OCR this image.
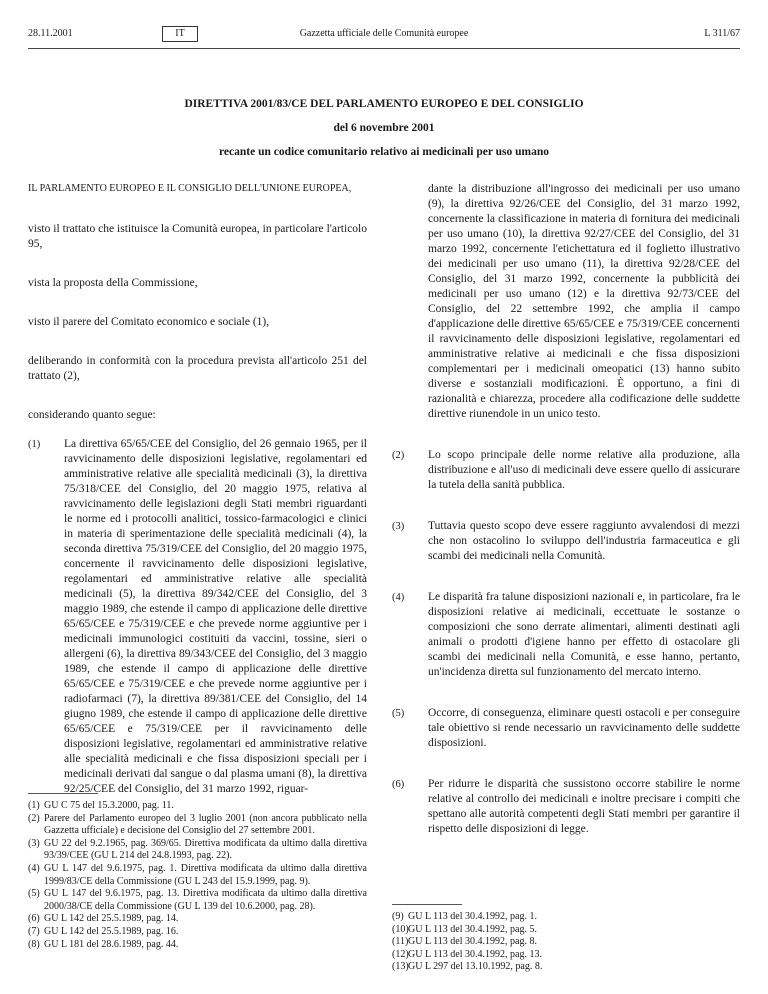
28.11.2001	IT	Gazzetta ufficiale delle Comunità europee	L 311/67
DIRETTIVA 2001/83/CE DEL PARLAMENTO EUROPEO E DEL CONSIGLIO
del 6 novembre 2001
recante un codice comunitario relativo ai medicinali per uso umano

IL PARLAMENTO EUROPEO E IL CONSIGLIO DELL'UNIONE EUROPEA,

visto il trattato che istituisce la Comunità europea, in particolare l'articolo 95,

vista la proposta della Commissione,

visto il parere del Comitato economico e sociale (1),

deliberando in conformità con la procedura prevista all'articolo 251 del trattato (2),

considerando quanto segue:

(1)	La direttiva 65/65/CEE del Consiglio, del 26 gennaio 1965, per il ravvicinamento delle disposizioni legislative, regolamentari ed amministrative relative alle specialità medicinali (3), la direttiva 75/318/CEE del Consiglio, del 20 maggio 1975, relativa al ravvicinamento delle legislazioni degli Stati membri riguardanti le norme ed i protocolli analitici, tossico-farmacologici e clinici in materia di sperimentazione delle specialità medicinali (4), la seconda direttiva 75/319/CEE del Consiglio, del 20 maggio 1975, concernente il ravvicinamento delle disposizioni legislative, regolamentari ed amministrative relative alle specialità medicinali (5), la direttiva 89/342/CEE del Consiglio, del 3 maggio 1989, che estende il campo di applicazione delle direttive 65/65/CEE e 75/319/CEE e che prevede norme aggiuntive per i medicinali immunologici costituiti da vaccini, tossine, sieri o allergeni (6), la direttiva 89/343/CEE del Consiglio, del 3 maggio 1989, che estende il campo di applicazione delle direttive 65/65/CEE e 75/319/CEE e che prevede norme aggiuntive per i radiofarmaci (7), la direttiva 89/381/CEE del Consiglio, del 14 giugno 1989, che estende il campo di applicazione delle direttive 65/65/CEE e 75/319/CEE per il ravvicinamento delle disposizioni legislative, regolamentari ed amministrative relative alle specialità medicinali e che fissa disposizioni speciali per i medicinali derivati dal sangue o dal plasma umani (8), la direttiva 92/25/CEE del Consiglio, del 31 marzo 1992, riguar-
(1) GU C 75 del 15.3.2000, pag. 11.
(2) Parere del Parlamento europeo del 3 luglio 2001 (non ancora pubblicato nella Gazzetta ufficiale) e decisione del Consiglio del 27 settembre 2001.
(3) GU 22 del 9.2.1965, pag. 369/65. Direttiva modificata da ultimo dalla direttiva 93/39/CEE (GU L 214 del 24.8.1993, pag. 22).
(4) GU L 147 del 9.6.1975, pag. 1. Direttiva modificata da ultimo dalla direttiva 1999/83/CE della Commissione (GU L 243 del 15.9.1999, pag. 9).
(5) GU L 147 del 9.6.1975, pag. 13. Direttiva modificata da ultimo dalla direttiva 2000/38/CE della Commissione (GU L 139 del 10.6.2000, pag. 28).
(6) GU L 142 del 25.5.1989, pag. 14.
(7) GU L 142 del 25.5.1989, pag. 16.
(8) GU L 181 del 28.6.1989, pag. 44.
dante la distribuzione all'ingrosso dei medicinali per uso umano (9), la direttiva 92/26/CEE del Consiglio, del 31 marzo 1992, concernente la classificazione in materia di fornitura dei medicinali per uso umano (10), la direttiva 92/27/CEE del Consiglio, del 31 marzo 1992, concernente l'etichettatura ed il foglietto illustrativo dei medicinali per uso umano (11), la direttiva 92/28/CEE del Consiglio, del 31 marzo 1992, concernente la pubblicità dei medicinali per uso umano (12) e la direttiva 92/73/CEE del Consiglio, del 22 settembre 1992, che amplia il campo d'applicazione delle direttive 65/65/CEE e 75/319/CEE concernenti il ravvicinamento delle disposizioni legislative, regolamentari ed amministrative relative ai medicinali e che fissa disposizioni complementari per i medicinali omeopatici (13) hanno subito diverse e sostanziali modificazioni. È opportuno, a fini di razionalità e chiarezza, procedere alla codificazione delle suddette direttive riunendole in un unico testo.
(2)	Lo scopo principale delle norme relative alla produzione, alla distribuzione e all'uso di medicinali deve essere quello di assicurare la tutela della sanità pubblica.
(3)	Tuttavia questo scopo deve essere raggiunto avvalendosi di mezzi che non ostacolino lo sviluppo dell'industria farmaceutica e gli scambi dei medicinali nella Comunità.
(4)	Le disparità fra talune disposizioni nazionali e, in particolare, fra le disposizioni relative ai medicinali, eccettuate le sostanze o composizioni che sono derrate alimentari, alimenti destinati agli animali o prodotti d'igiene hanno per effetto di ostacolare gli scambi dei medicinali nella Comunità, e esse hanno, pertanto, un'incidenza diretta sul funzionamento del mercato interno.
(5)	Occorre, di conseguenza, eliminare questi ostacoli e per conseguire tale obiettivo si rende necessario un ravvicinamento delle suddette disposizioni.
(6)	Per ridurre le disparità che sussistono occorre stabilire le norme relative al controllo dei medicinali e inoltre precisare i compiti che spettano alle autorità competenti degli Stati membri per garantire il rispetto delle disposizioni di legge.
(9) GU L 113 del 30.4.1992, pag. 1.
(10) GU L 113 del 30.4.1992, pag. 5.
(11) GU L 113 del 30.4.1992, pag. 8.
(12) GU L 113 del 30.4.1992, pag. 13.
(13) GU L 297 del 13.10.1992, pag. 8.
